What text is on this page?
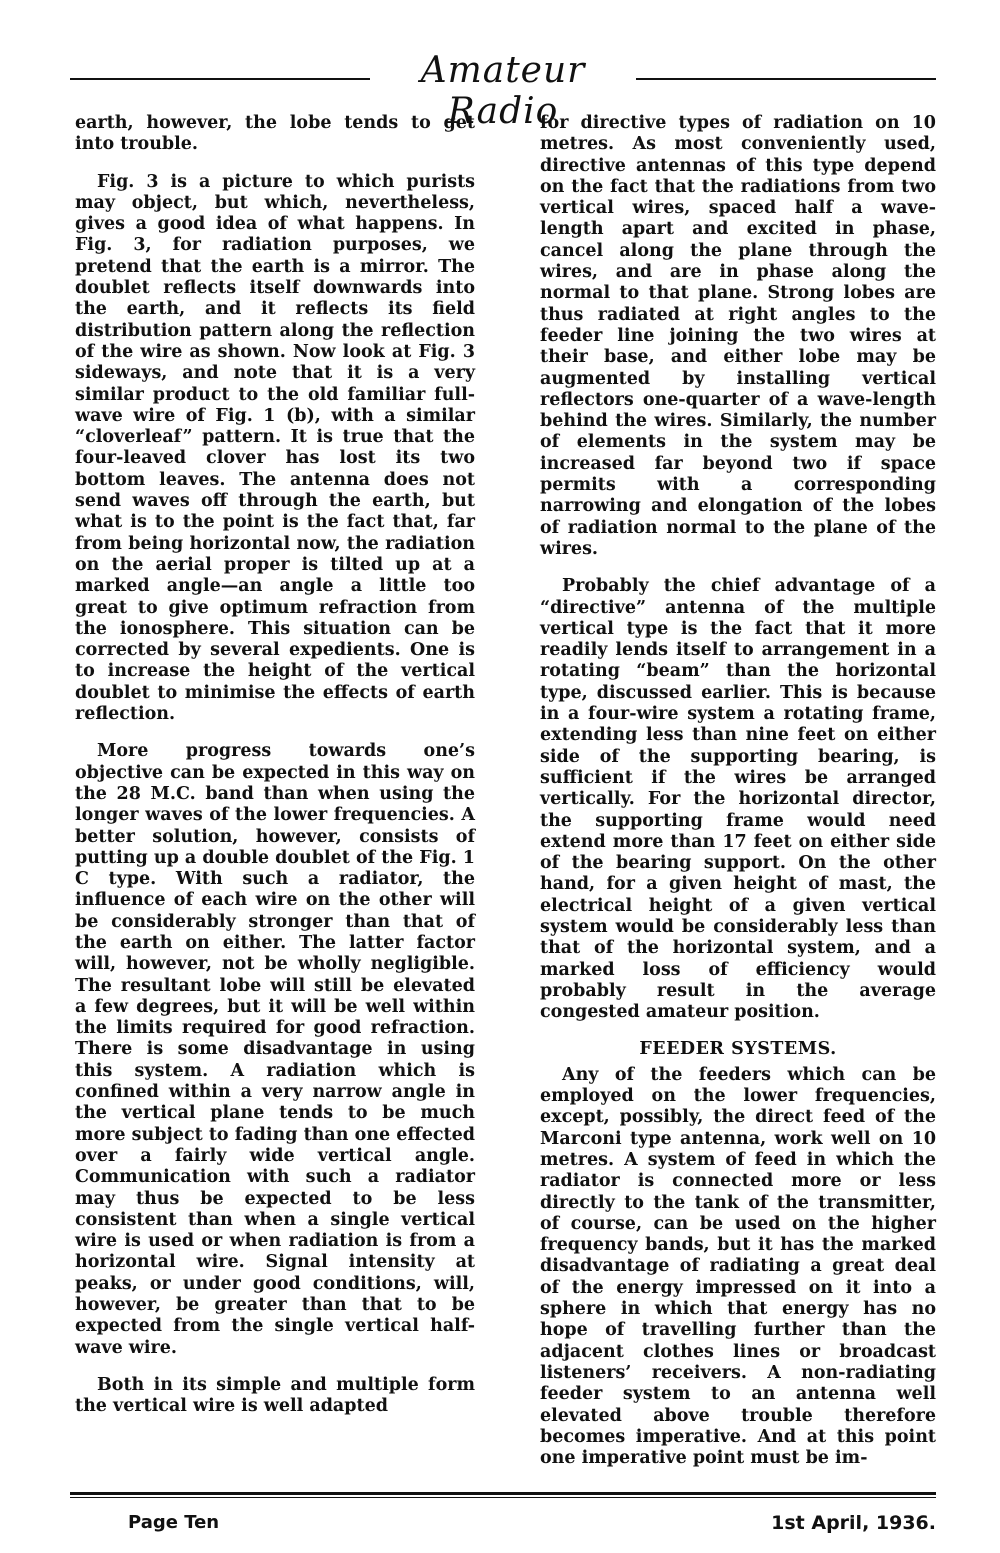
Amateur Radio

earth, however, the lobe tends to get into trouble.

Fig. 3 is a picture to which purists may object, but which, nevertheless, gives a good idea of what happens. In Fig. 3, for radiation purposes, we pretend that the earth is a mirror. The doublet reflects itself downwards into the earth, and it reflects its field distribution pattern along the reflection of the wire as shown. Now look at Fig. 3 sideways, and note that it is a very similar product to the old familiar full-wave wire of Fig. 1 (b), with a similar “cloverleaf” pattern. It is true that the four-leaved clover has lost its two bottom leaves. The antenna does not send waves off through the earth, but what is to the point is the fact that, far from being horizontal now, the radiation on the aerial proper is tilted up at a marked angle—an angle a little too great to give optimum refraction from the ionosphere. This situation can be corrected by several expedients. One is to increase the height of the vertical doublet to minimise the effects of earth reflection.

More progress towards one’s objective can be expected in this way on the 28 M.C. band than when using the longer waves of the lower frequencies. A better solution, however, consists of putting up a double doublet of the Fig. 1 C type. With such a radiator, the influence of each wire on the other will be considerably stronger than that of the earth on either. The latter factor will, however, not be wholly negligible. The resultant lobe will still be elevated a few degrees, but it will be well within the limits required for good refraction. There is some disadvantage in using this system. A radiation which is confined within a very narrow angle in the vertical plane tends to be much more subject to fading than one effected over a fairly wide vertical angle. Communication with such a radiator may thus be expected to be less consistent than when a single vertical wire is used or when radiation is from a horizontal wire. Signal intensity at peaks, or under good conditions, will, however, be greater than that to be expected from the single vertical half-wave wire.

Both in its simple and multiple form the vertical wire is well adapted

for directive types of radiation on 10 metres. As most conveniently used, directive antennas of this type depend on the fact that the radiations from two vertical wires, spaced half a wave-length apart and excited in phase, cancel along the plane through the wires, and are in phase along the normal to that plane. Strong lobes are thus radiated at right angles to the feeder line joining the two wires at their base, and either lobe may be augmented by installing vertical reflectors one-quarter of a wave-length behind the wires. Similarly, the number of elements in the system may be increased far beyond two if space permits with a corresponding narrowing and elongation of the lobes of radiation normal to the plane of the wires.

Probably the chief advantage of a “directive” antenna of the multiple vertical type is the fact that it more readily lends itself to arrangement in a rotating “beam” than the horizontal type, discussed earlier. This is because in a four-wire system a rotating frame, extending less than nine feet on either side of the supporting bearing, is sufficient if the wires be arranged vertically. For the horizontal director, the supporting frame would need extend more than 17 feet on either side of the bearing support. On the other hand, for a given height of mast, the electrical height of a given vertical system would be considerably less than that of the horizontal system, and a marked loss of efficiency would probably result in the average congested amateur position.

FEEDER SYSTEMS.

Any of the feeders which can be employed on the lower frequencies, except, possibly, the direct feed of the Marconi type antenna, work well on 10 metres. A system of feed in which the radiator is connected more or less directly to the tank of the transmitter, of course, can be used on the higher frequency bands, but it has the marked disadvantage of radiating a great deal of the energy impressed on it into a sphere in which that energy has no hope of travelling further than the adjacent clothes lines or broadcast listeners’ receivers. A non-radiating feeder system to an antenna well elevated above trouble therefore becomes imperative. And at this point one imperative point must be im-

Page Ten	1st April, 1936.
